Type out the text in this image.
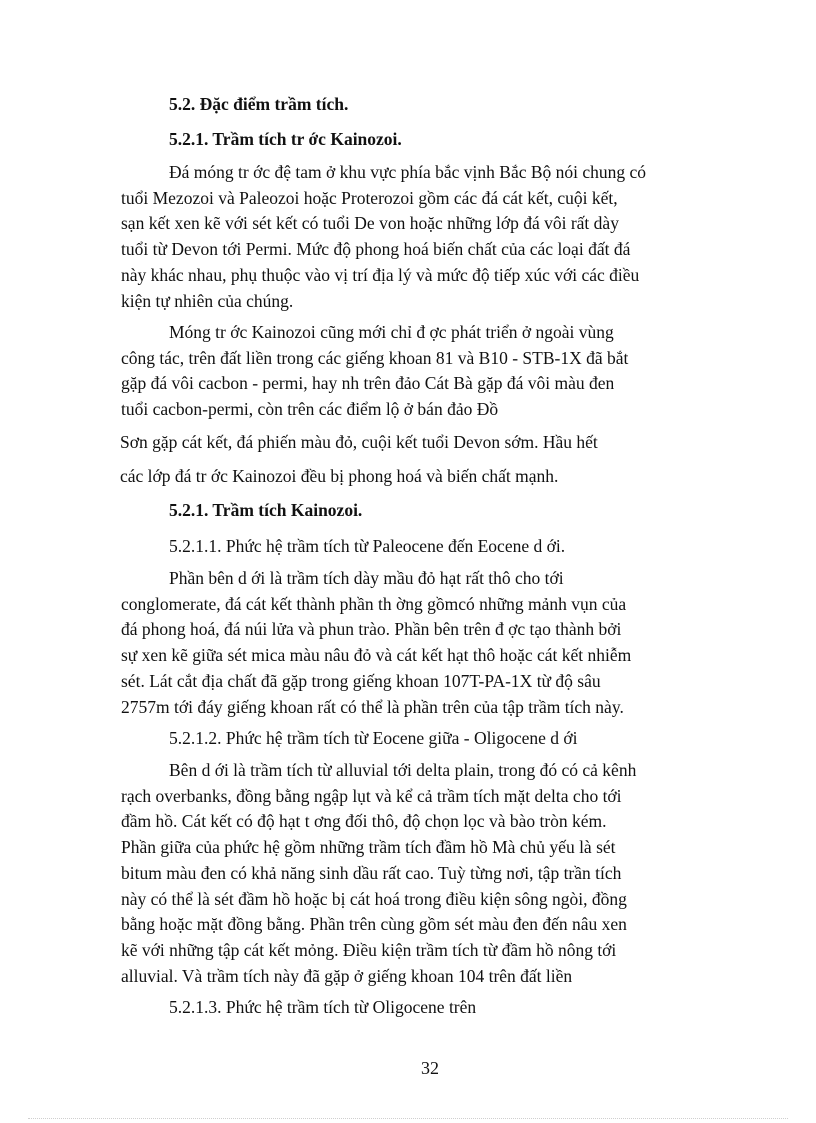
5.2. Đặc điểm trầm tích.
5.2.1. Trầm tích tr ớc Kainozoi.
Đá móng tr ớc đệ tam ở khu vực phía bắc vịnh Bắc Bộ nói chung có
tuổi Mezozoi và Paleozoi hoặc Proterozoi gồm các đá cát kết, cuội kết,
sạn kết xen kẽ với sét kết có tuổi De von hoặc những lớp đá vôi rất dày
tuổi từ Devon tới Permi. Mức độ phong hoá biến chất của các loại đất đá
này khác nhau, phụ thuộc vào vị trí địa lý và mức độ tiếp xúc với các điều
kiện tự nhiên của chúng.
Móng tr ớc Kainozoi cũng mới chỉ đ ợc phát triển ở ngoài vùng
công tác, trên đất liền trong các giếng khoan 81 và B10 - STB-1X đã bắt
gặp đá vôi cacbon - permi, hay nh trên đảo Cát Bà gặp đá vôi màu đen
tuổi cacbon-permi, còn trên các điểm lộ ở bán đảo Đồ
Sơn gặp cát kết, đá phiến màu đỏ, cuội kết tuổi Devon sớm. Hầu hết
các lớp đá tr ớc Kainozoi đều bị phong hoá và biến chất mạnh.
5.2.1. Trầm tích Kainozoi.
5.2.1.1. Phức hệ trầm tích từ Paleocene đến Eocene d ới.
Phần bên d ới là trầm tích dày mầu đỏ hạt rất thô cho tới
conglomerate, đá cát kết thành phần th ờng gồmcó những mảnh vụn của
đá phong hoá, đá núi lửa và phun trào. Phần bên trên đ ợc tạo thành bởi
sự xen kẽ giữa sét mica màu nâu đỏ và cát kết hạt thô hoặc cát kết nhiễm
sét. Lát cắt địa chất đã gặp trong giếng khoan 107T-PA-1X từ độ sâu
2757m tới đáy giếng khoan rất có thể là phần trên của tập trầm tích này.
5.2.1.2. Phức hệ trầm tích từ Eocene giữa - Oligocene d ới
Bên d ới là trầm tích từ alluvial tới delta plain, trong đó có cả kênh
rạch overbanks, đồng bằng ngập lụt và kể cả trầm tích mặt delta cho tới
đầm hồ. Cát kết có độ hạt t ơng đối thô, độ chọn lọc và bào tròn kém.
Phần giữa của phức hệ gồm những trầm tích đầm hồ Mà chủ yếu là sét
bitum màu đen có khả năng sinh dầu rất cao. Tuỳ từng nơi, tập trần tích
này có thể là sét đầm hồ hoặc bị cát hoá trong điều kiện sông ngòi, đồng
bằng hoặc mặt đồng bằng. Phần trên cùng gồm sét màu đen đến nâu xen
kẽ với những tập cát kết mỏng. Điều kiện trầm tích từ đầm hồ nông tới
alluvial. Và trầm tích này đã gặp ở giếng khoan 104 trên đất liền
5.2.1.3. Phức hệ trầm tích từ Oligocene trên
32
